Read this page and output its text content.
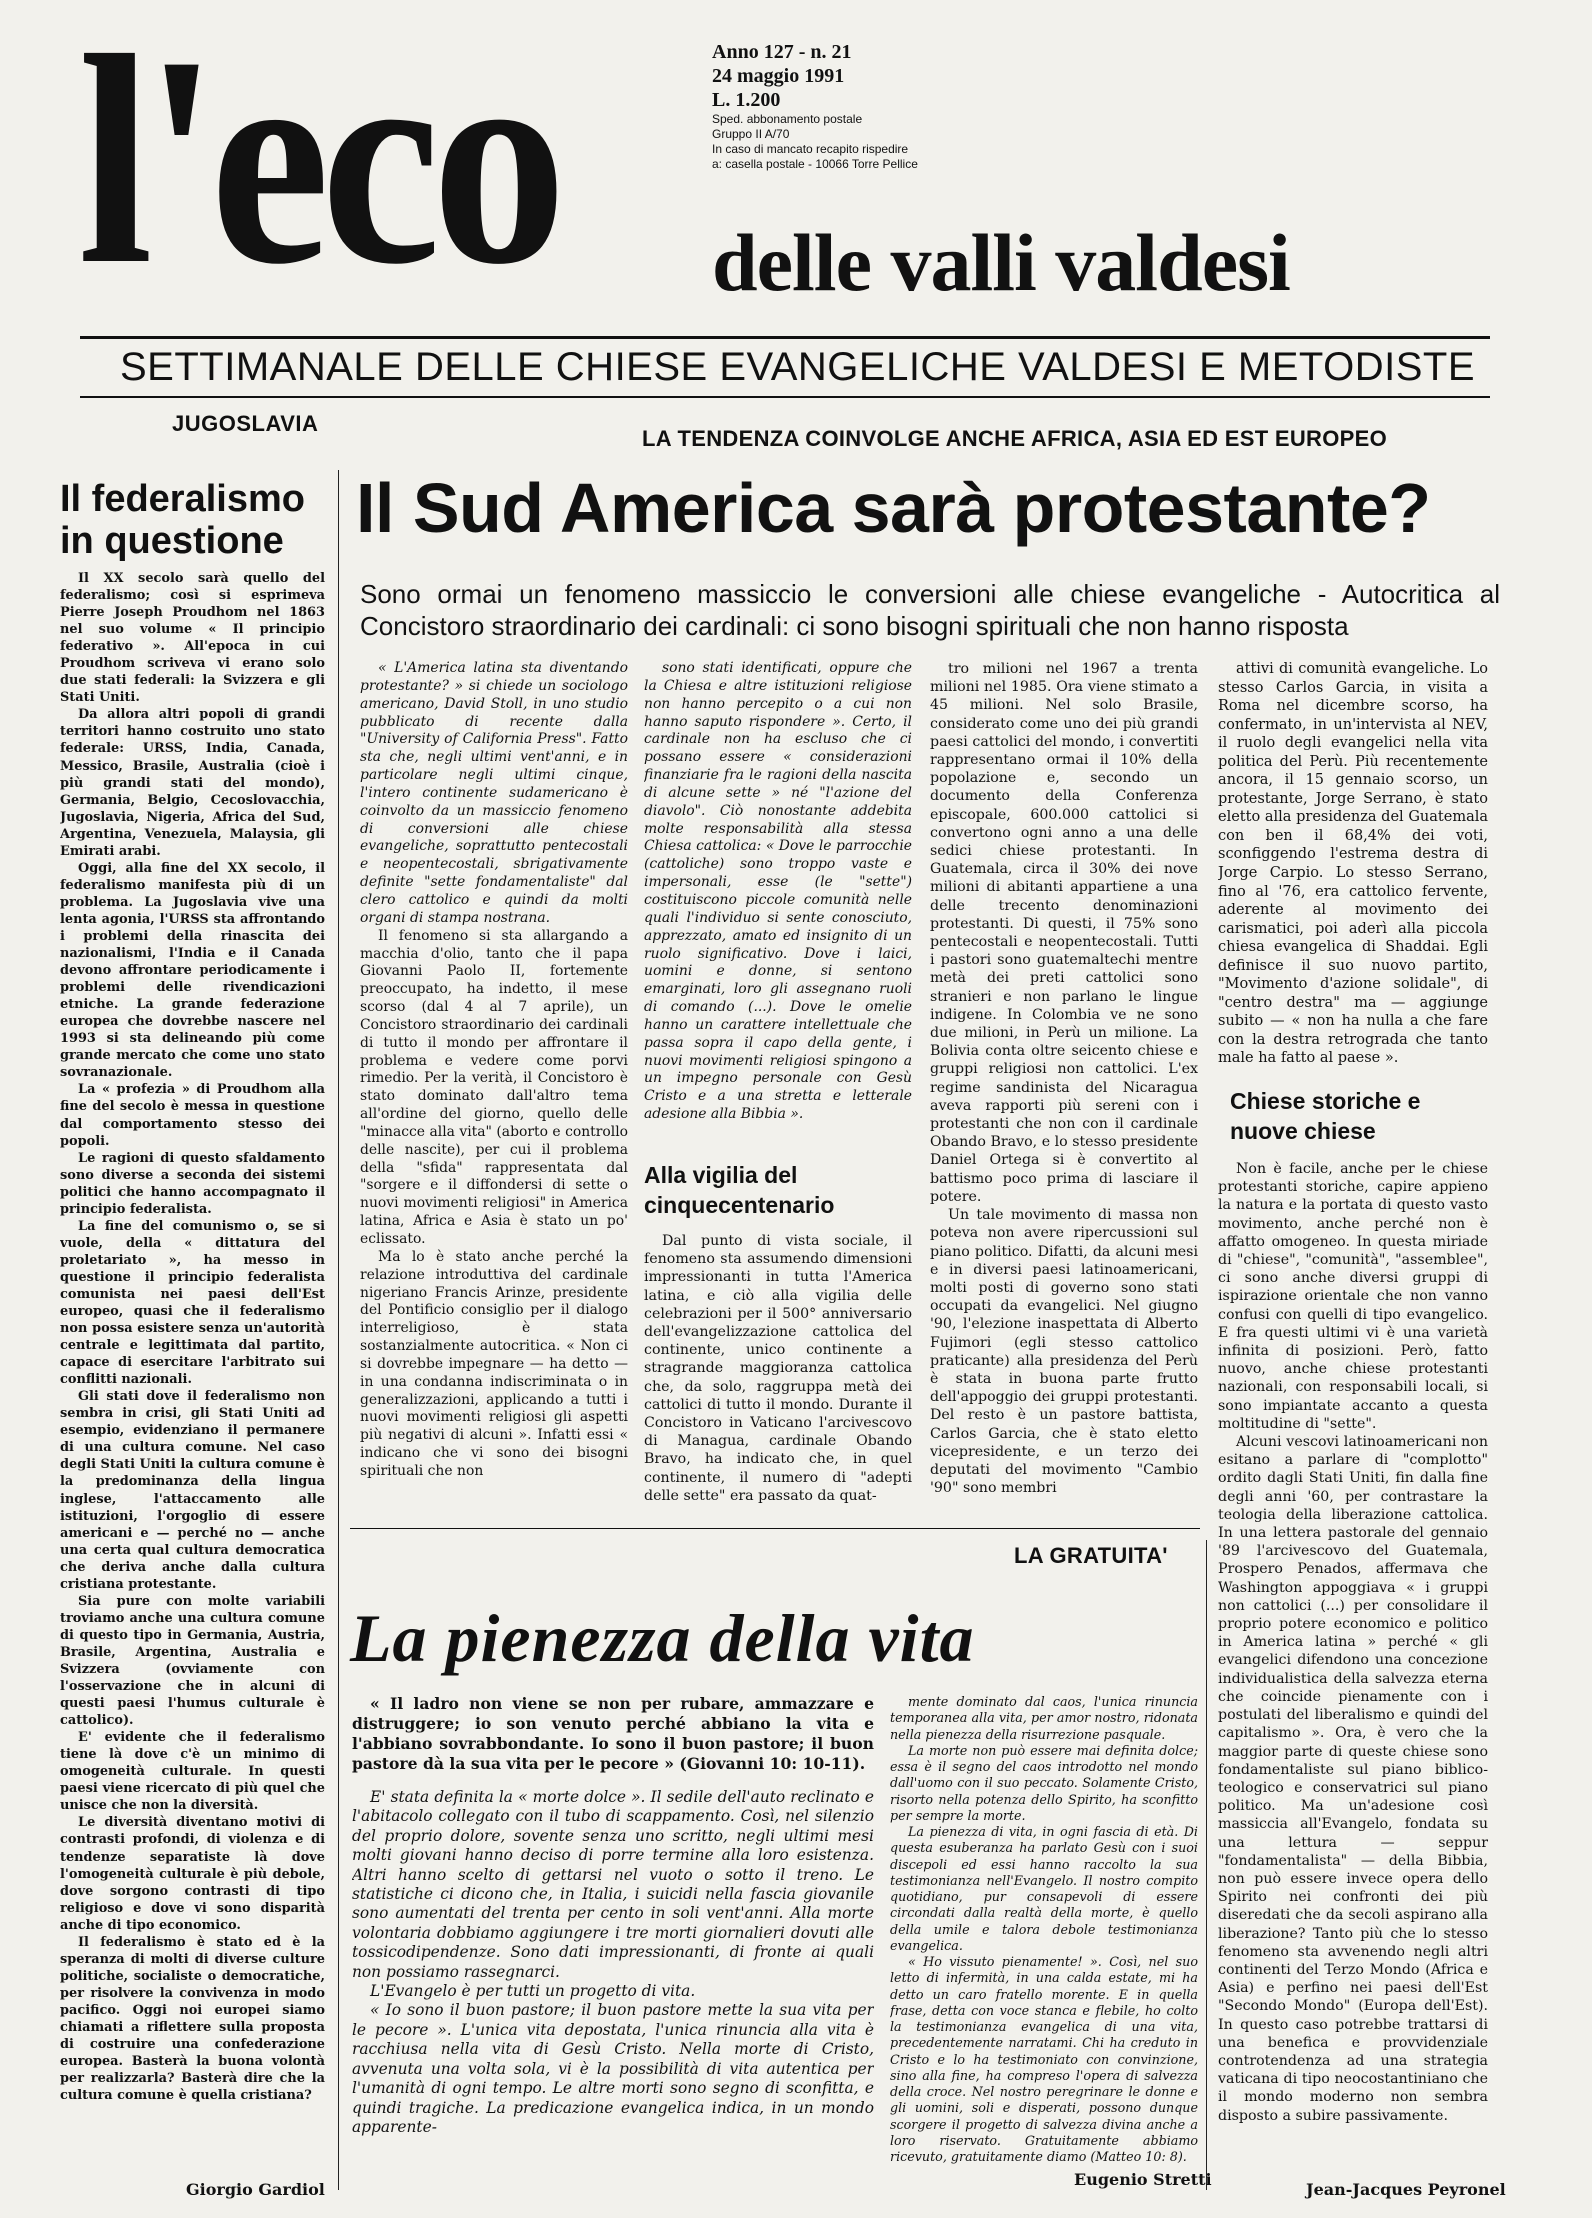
l'eco	Anno 127 - n. 21
24 maggio 1991
L. 1.200
Sped. abbonamento postale
Gruppo II A/70
In caso di mancato recapito rispedire
a: casella postale - 10066 Torre Pellice
delle valli valdesi
SETTIMANALE DELLE CHIESE EVANGELICHE VALDESI E METODISTE
JUGOSLAVIA
Il federalismo in questione

Il XX secolo sarà quello del federalismo; così si esprimeva Pierre Joseph Proudhom nel 1863 nel suo volume « Il principio federativo ». All'epoca in cui Proudhom scriveva vi erano solo due stati federali: la Svizzera e gli Stati Uniti.

Da allora altri popoli di grandi territori hanno costruito uno stato federale: URSS, India, Canada, Messico, Brasile, Australia (cioè i più grandi stati del mondo), Germania, Belgio, Cecoslovacchia, Jugoslavia, Nigeria, Africa del Sud, Argentina, Venezuela, Malaysia, gli Emirati arabi.

Oggi, alla fine del XX secolo, il federalismo manifesta più di un problema. La Jugoslavia vive una lenta agonia, l'URSS sta affrontando i problemi della rinascita dei nazionalismi, l'India e il Canada devono affrontare periodicamente i problemi delle rivendicazioni etniche. La grande federazione europea che dovrebbe nascere nel 1993 si sta delineando più come grande mercato che come uno stato sovranazionale.

La « profezia » di Proudhom alla fine del secolo è messa in questione dal comportamento stesso dei popoli.

Le ragioni di questo sfaldamento sono diverse a seconda dei sistemi politici che hanno accompagnato il principio federalista.

La fine del comunismo o, se si vuole, della « dittatura del proletariato », ha messo in questione il principio federalista comunista nei paesi dell'Est europeo, quasi che il federalismo non possa esistere senza un'autorità centrale e legittimata dal partito, capace di esercitare l'arbitrato sui conflitti nazionali.

Gli stati dove il federalismo non sembra in crisi, gli Stati Uniti ad esempio, evidenziano il permanere di una cultura comune. Nel caso degli Stati Uniti la cultura comune è la predominanza della lingua inglese, l'attaccamento alle istituzioni, l'orgoglio di essere americani e — perché no — anche una certa qual cultura democratica che deriva anche dalla cultura cristiana protestante.

Sia pure con molte variabili troviamo anche una cultura comune di questo tipo in Germania, Austria, Brasile, Argentina, Australia e Svizzera (ovviamente con l'osservazione che in alcuni di questi paesi l'humus culturale è cattolico).

E' evidente che il federalismo tiene là dove c'è un minimo di omogeneità culturale. In questi paesi viene ricercato di più quel che unisce che non la diversità.

Le diversità diventano motivi di contrasti profondi, di violenza e di tendenze separatiste là dove l'omogeneità culturale è più debole, dove sorgono contrasti di tipo religioso e dove vi sono disparità anche di tipo economico.

Il federalismo è stato ed è la speranza di molti di diverse culture politiche, socialiste o democratiche, per risolvere la convivenza in modo pacifico. Oggi noi europei siamo chiamati a riflettere sulla proposta di costruire una confederazione europea. Basterà la buona volontà per realizzarla? Basterà dire che la cultura comune è quella cristiana?

Giorgio Gardiol
LA TENDENZA COINVOLGE ANCHE AFRICA, ASIA ED EST EUROPEO
Il Sud America sarà protestante?
Sono ormai un fenomeno massiccio le conversioni alle chiese evangeliche - Autocritica al Concistoro straordinario dei cardinali: ci sono bisogni spirituali che non hanno risposta

« L'America latina sta diventando protestante? » si chiede un sociologo americano, David Stoll, in uno studio pubblicato di recente dalla "University of California Press". Fatto sta che, negli ultimi vent'anni, e in particolare negli ultimi cinque, l'intero continente sudamericano è coinvolto da un massiccio fenomeno di conversioni alle chiese evangeliche, soprattutto pentecostali e neopentecostali, sbrigativamente definite "sette fondamentaliste" dal clero cattolico e quindi da molti organi di stampa nostrana.

Il fenomeno si sta allargando a macchia d'olio, tanto che il papa Giovanni Paolo II, fortemente preoccupato, ha indetto, il mese scorso (dal 4 al 7 aprile), un Concistoro straordinario dei cardinali di tutto il mondo per affrontare il problema e vedere come porvi rimedio. Per la verità, il Concistoro è stato dominato dall'altro tema all'ordine del giorno, quello delle "minacce alla vita" (aborto e controllo delle nascite), per cui il problema della "sfida" rappresentata dal "sorgere e il diffondersi di sette o nuovi movimenti religiosi" in America latina, Africa e Asia è stato un po' eclissato.

Ma lo è stato anche perché la relazione introduttiva del cardinale nigeriano Francis Arinze, presidente del Pontificio consiglio per il dialogo interreligioso, è stata sostanzialmente autocritica. « Non ci si dovrebbe impegnare — ha detto — in una condanna indiscriminata o in generalizzazioni, applicando a tutti i nuovi movimenti religiosi gli aspetti più negativi di alcuni ». Infatti essi « indicano che vi sono dei bisogni spirituali che non

sono stati identificati, oppure che la Chiesa e altre istituzioni religiose non hanno percepito o a cui non hanno saputo rispondere ». Certo, il cardinale non ha escluso che ci possano essere « considerazioni finanziarie fra le ragioni della nascita di alcune sette » né "l'azione del diavolo". Ciò nonostante addebita molte responsabilità alla stessa Chiesa cattolica: « Dove le parrocchie (cattoliche) sono troppo vaste e impersonali, esse (le "sette") costituiscono piccole comunità nelle quali l'individuo si sente conosciuto, apprezzato, amato ed insignito di un ruolo significativo. Dove i laici, uomini e donne, si sentono emarginati, loro gli assegnano ruoli di comando (...). Dove le omelie hanno un carattere intellettuale che passa sopra il capo della gente, i nuovi movimenti religiosi spingono a un impegno personale con Gesù Cristo e a una stretta e letterale adesione alla Bibbia ».

Alla vigilia del cinquecentenario

Dal punto di vista sociale, il fenomeno sta assumendo dimensioni impressionanti in tutta l'America latina, e ciò alla vigilia delle celebrazioni per il 500° anniversario dell'evangelizzazione cattolica del continente, unico continente a stragrande maggioranza cattolica che, da solo, raggruppa metà dei cattolici di tutto il mondo. Durante il Concistoro in Vaticano l'arcivescovo di Managua, cardinale Obando Bravo, ha indicato che, in quel continente, il numero di "adepti delle sette" era passato da quat-

tro milioni nel 1967 a trenta milioni nel 1985. Ora viene stimato a 45 milioni. Nel solo Brasile, considerato come uno dei più grandi paesi cattolici del mondo, i convertiti rappresentano ormai il 10% della popolazione e, secondo un documento della Conferenza episcopale, 600.000 cattolici si convertono ogni anno a una delle sedici chiese protestanti. In Guatemala, circa il 30% dei nove milioni di abitanti appartiene a una delle trecento denominazioni protestanti. Di questi, il 75% sono pentecostali e neopentecostali. Tutti i pastori sono guatemaltechi mentre metà dei preti cattolici sono stranieri e non parlano le lingue indigene. In Colombia ve ne sono due milioni, in Perù un milione. La Bolivia conta oltre seicento chiese e gruppi religiosi non cattolici. L'ex regime sandinista del Nicaragua aveva rapporti più sereni con i protestanti che non con il cardinale Obando Bravo, e lo stesso presidente Daniel Ortega si è convertito al battismo poco prima di lasciare il potere.

Un tale movimento di massa non poteva non avere ripercussioni sul piano politico. Difatti, da alcuni mesi e in diversi paesi latinoamericani, molti posti di governo sono stati occupati da evangelici. Nel giugno '90, l'elezione inaspettata di Alberto Fujimori (egli stesso cattolico praticante) alla presidenza del Perù è stata in buona parte frutto dell'appoggio dei gruppi protestanti. Del resto è un pastore battista, Carlos Garcia, che è stato eletto vicepresidente, e un terzo dei deputati del movimento "Cambio '90" sono membri

attivi di comunità evangeliche. Lo stesso Carlos Garcia, in visita a Roma nel dicembre scorso, ha confermato, in un'intervista al NEV, il ruolo degli evangelici nella vita politica del Perù. Più recentemente ancora, il 15 gennaio scorso, un protestante, Jorge Serrano, è stato eletto alla presidenza del Guatemala con ben il 68,4% dei voti, sconfiggendo l'estrema destra di Jorge Carpio. Lo stesso Serrano, fino al '76, era cattolico fervente, aderente al movimento dei carismatici, poi aderì alla piccola chiesa evangelica di Shaddai. Egli definisce il suo nuovo partito, "Movimento d'azione solidale", di "centro destra" ma — aggiunge subito — « non ha nulla a che fare con la destra retrograda che tanto male ha fatto al paese ».

Chiese storiche e nuove chiese

Non è facile, anche per le chiese protestanti storiche, capire appieno la natura e la portata di questo vasto movimento, anche perché non è affatto omogeneo. In questa miriade di "chiese", "comunità", "assemblee", ci sono anche diversi gruppi di ispirazione orientale che non vanno confusi con quelli di tipo evangelico. E fra questi ultimi vi è una varietà infinita di posizioni. Però, fatto nuovo, anche chiese protestanti nazionali, con responsabili locali, si sono impiantate accanto a questa moltitudine di "sette".

Alcuni vescovi latinoamericani non esitano a parlare di "complotto" ordito dagli Stati Uniti, fin dalla fine degli anni '60, per contrastare la teologia della liberazione cattolica. In una lettera pastorale del gennaio '89 l'arcivescovo del Guatemala, Prospero Penados, affermava che Washington appoggiava « i gruppi non cattolici (...) per consolidare il proprio potere economico e politico in America latina » perché « gli evangelici difendono una concezione individualistica della salvezza eterna che coincide pienamente con i postulati del liberalismo e quindi del capitalismo ». Ora, è vero che la maggior parte di queste chiese sono fondamentaliste sul piano biblico-teologico e conservatrici sul piano politico. Ma un'adesione così massiccia all'Evangelo, fondata su una lettura — seppur "fondamentalista" — della Bibbia, non può essere invece opera dello Spirito nei confronti dei più diseredati che da secoli aspirano alla liberazione? Tanto più che lo stesso fenomeno sta avvenendo negli altri continenti del Terzo Mondo (Africa e Asia) e perfino nei paesi dell'Est "Secondo Mondo" (Europa dell'Est). In questo caso potrebbe trattarsi di una benefica e provvidenziale controtendenza ad una strategia vaticana di tipo neocostantiniano che il mondo moderno non sembra disposto a subire passivamente.

Jean-Jacques Peyronel
LA GRATUITA'
La pienezza della vita

« Il ladro non viene se non per rubare, ammazzare e distruggere; io son venuto perché abbiano la vita e l'abbiano sovrabbondante. Io sono il buon pastore; il buon pastore dà la sua vita per le pecore » (Giovanni 10: 10-11).

E' stata definita la « morte dolce ». Il sedile dell'auto reclinato e l'abitacolo collegato con il tubo di scappamento. Così, nel silenzio del proprio dolore, sovente senza uno scritto, negli ultimi mesi molti giovani hanno deciso di porre termine alla loro esistenza. Altri hanno scelto di gettarsi nel vuoto o sotto il treno. Le statistiche ci dicono che, in Italia, i suicidi nella fascia giovanile sono aumentati del trenta per cento in soli vent'anni. Alla morte volontaria dobbiamo aggiungere i tre morti giornalieri dovuti alle tossicodipendenze. Sono dati impressionanti, di fronte ai quali non possiamo rassegnarci.

L'Evangelo è per tutti un progetto di vita.

« Io sono il buon pastore; il buon pastore mette la sua vita per le pecore ». L'unica vita depostata, l'unica rinuncia alla vita è racchiusa nella vita di Gesù Cristo. Nella morte di Cristo, avvenuta una volta sola, vi è la possibilità di vita autentica per l'umanità di ogni tempo. Le altre morti sono segno di sconfitta, e quindi tragiche. La predicazione evangelica indica, in un mondo apparente-

mente dominato dal caos, l'unica rinuncia temporanea alla vita, per amor nostro, ridonata nella pienezza della risurrezione pasquale.

La morte non può essere mai definita dolce; essa è il segno del caos introdotto nel mondo dall'uomo con il suo peccato. Solamente Cristo, risorto nella potenza dello Spirito, ha sconfitto per sempre la morte.

La pienezza di vita, in ogni fascia di età. Di questa esuberanza ha parlato Gesù con i suoi discepoli ed essi hanno raccolto la sua testimonianza nell'Evangelo. Il nostro compito quotidiano, pur consapevoli di essere circondati dalla realtà della morte, è quello della umile e talora debole testimonianza evangelica.

« Ho vissuto pienamente! ». Così, nel suo letto di infermità, in una calda estate, mi ha detto un caro fratello morente. E in quella frase, detta con voce stanca e flebile, ho colto la testimonianza evangelica di una vita, precedentemente narratami. Chi ha creduto in Cristo e lo ha testimoniato con convinzione, sino alla fine, ha compreso l'opera di salvezza della croce. Nel nostro peregrinare le donne e gli uomini, soli e disperati, possono dunque scorgere il progetto di salvezza divina anche a loro riservato. Gratuitamente abbiamo ricevuto, gratuitamente diamo (Matteo 10: 8).

Eugenio Stretti
